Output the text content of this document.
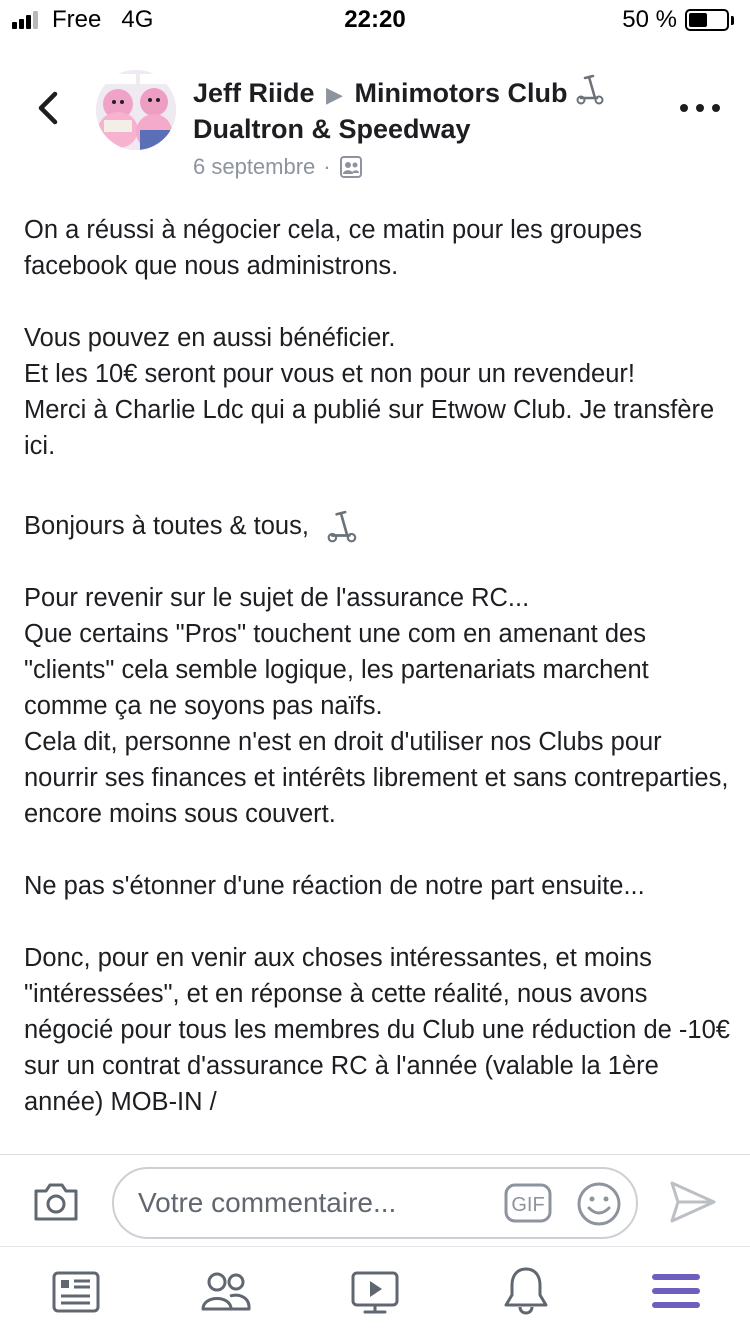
Free 4G	22:20	50 %
Jeff Riide ▶ Minimotors Club
Dualtron & Speedway
6 septembre ·

On a réussi à négocier cela, ce matin pour les groupes facebook que nous administrons.

Vous pouvez en aussi bénéficier.

Et les 10€ seront pour vous et non pour un revendeur!

Merci à Charlie Ldc qui a publié sur Etwow Club. Je transfère ici.

Bonjours à toutes & tous,

Pour revenir sur le sujet de l'assurance RC...

Que certains "Pros" touchent une com en amenant des "clients" cela semble logique, les partenariats marchent comme ça ne soyons pas naïfs.

Cela dit, personne n'est en droit d'utiliser nos Clubs pour nourrir ses finances et intérêts librement et sans contreparties, encore moins sous couvert.

Ne pas s'étonner d'une réaction de notre part ensuite...

Donc, pour en venir aux choses intéressantes, et moins "intéressées", et en réponse à cette réalité, nous avons négocié pour tous les membres du Club une réduction de -10€ sur un contrat d'assurance RC à l'année (valable la 1ère année) MOB-IN /

Votre commentaire...	GIF
